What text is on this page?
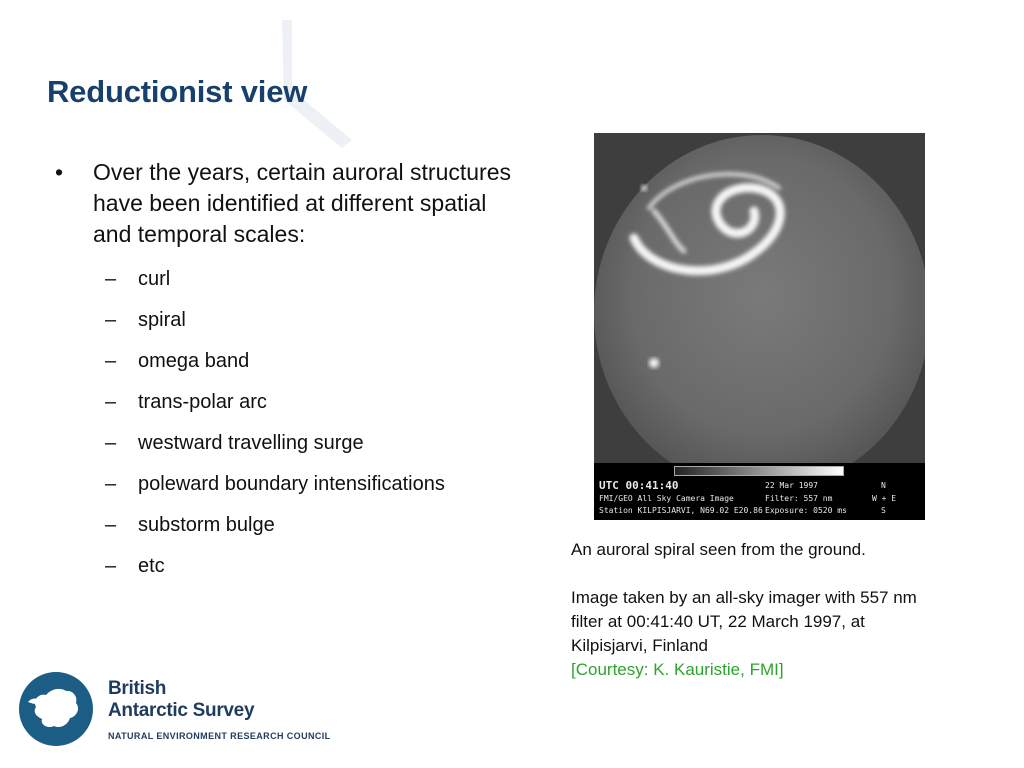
Reductionist view
• Over the years, certain auroral structures have been identified at different spatial and temporal scales:
– curl
– spiral
– omega band
– trans-polar arc
– westward travelling surge
– poleward boundary intensifications
– substorm bulge
– etc
UTC 00:41:40
FMI/GEO All Sky Camera Image
Station KILPISJARVI, N69.02 E20.86
22 Mar 1997
Filter: 557 nm
Exposure: 0520 ms
N
W + E
S

An auroral spiral seen from the ground.

Image taken by an all-sky imager with 557 nm filter at 00:41:40 UT, 22 March 1997, at Kilpisjarvi, Finland

[Courtesy: K. Kauristie, FMI]

British
Antarctic Survey
NATURAL ENVIRONMENT RESEARCH COUNCIL
